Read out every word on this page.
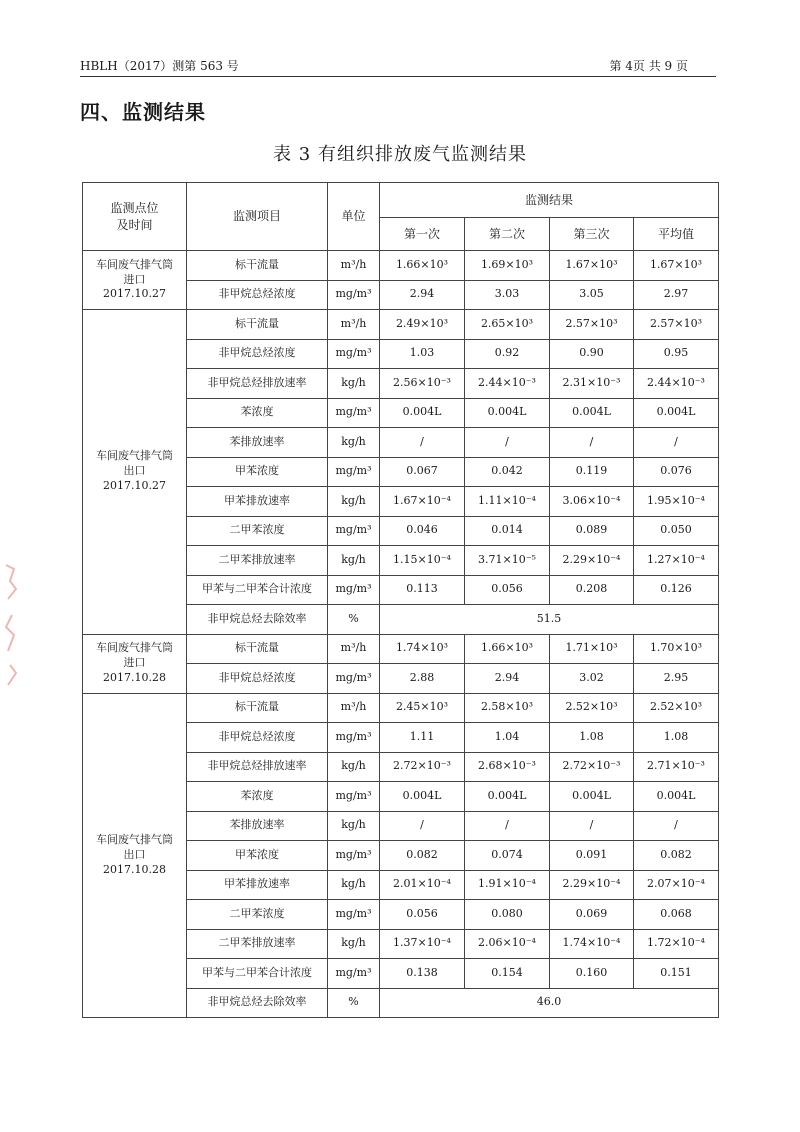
HBLH（2017）测第 563 号	第 4页 共 9 页
四、监测结果
表 3 有组织排放废气监测结果
监测点位
及时间	监测项目	单位	监测结果			
			第一次	第二次	第三次	平均值
车间废气排气筒
进口
2017.10.27	标干流量	m³/h	1.66×10³	1.69×10³	1.67×10³	1.67×10³
	非甲烷总烃浓度	mg/m³	2.94	3.03	3.05	2.97
车间废气排气筒
出口
2017.10.27	标干流量	m³/h	2.49×10³	2.65×10³	2.57×10³	2.57×10³
	非甲烷总烃浓度	mg/m³	1.03	0.92	0.90	0.95
	非甲烷总烃排放速率	kg/h	2.56×10⁻³	2.44×10⁻³	2.31×10⁻³	2.44×10⁻³
	苯浓度	mg/m³	0.004L	0.004L	0.004L	0.004L
	苯排放速率	kg/h	/	/	/	/
	甲苯浓度	mg/m³	0.067	0.042	0.119	0.076
	甲苯排放速率	kg/h	1.67×10⁻⁴	1.11×10⁻⁴	3.06×10⁻⁴	1.95×10⁻⁴
	二甲苯浓度	mg/m³	0.046	0.014	0.089	0.050
	二甲苯排放速率	kg/h	1.15×10⁻⁴	3.71×10⁻⁵	2.29×10⁻⁴	1.27×10⁻⁴
	甲苯与二甲苯合计浓度	mg/m³	0.113	0.056	0.208	0.126
	非甲烷总烃去除效率	%	51.5			
车间废气排气筒
进口
2017.10.28	标干流量	m³/h	1.74×10³	1.66×10³	1.71×10³	1.70×10³
	非甲烷总烃浓度	mg/m³	2.88	2.94	3.02	2.95
车间废气排气筒
出口
2017.10.28	标干流量	m³/h	2.45×10³	2.58×10³	2.52×10³	2.52×10³
	非甲烷总烃浓度	mg/m³	1.11	1.04	1.08	1.08
	非甲烷总烃排放速率	kg/h	2.72×10⁻³	2.68×10⁻³	2.72×10⁻³	2.71×10⁻³
	苯浓度	mg/m³	0.004L	0.004L	0.004L	0.004L
	苯排放速率	kg/h	/	/	/	/
	甲苯浓度	mg/m³	0.082	0.074	0.091	0.082
	甲苯排放速率	kg/h	2.01×10⁻⁴	1.91×10⁻⁴	2.29×10⁻⁴	2.07×10⁻⁴
	二甲苯浓度	mg/m³	0.056	0.080	0.069	0.068
	二甲苯排放速率	kg/h	1.37×10⁻⁴	2.06×10⁻⁴	1.74×10⁻⁴	1.72×10⁻⁴
	甲苯与二甲苯合计浓度	mg/m³	0.138	0.154	0.160	0.151
	非甲烷总烃去除效率	%	46.0			
